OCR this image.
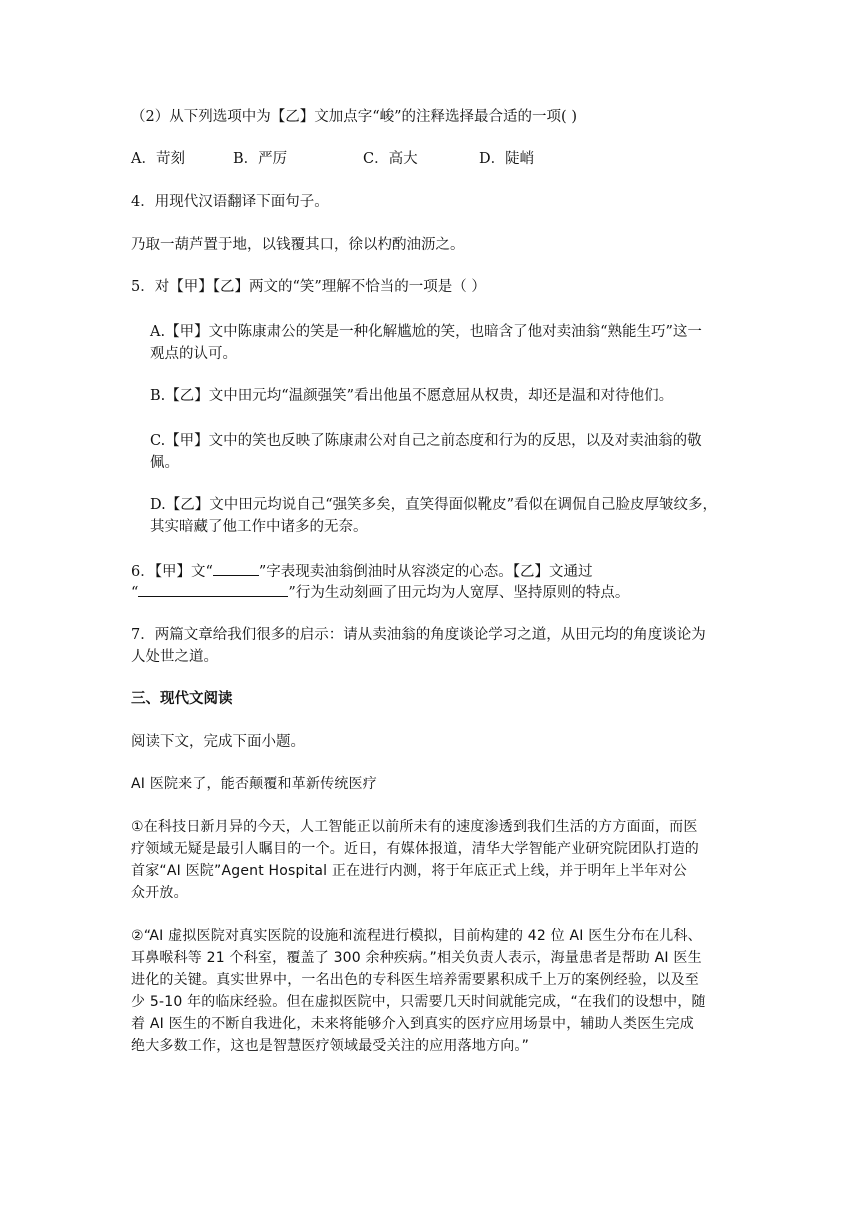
（2）从下列选项中为【乙】文加点字“峻”的注释选择最合适的一项( )
A．苛刻	B．严厉	C．高大	D．陡峭
4．用现代汉语翻译下面句子。
乃取一葫芦置于地，以钱覆其口，徐以杓酌油沥之。
5．对【甲】【乙】两文的“笑”理解不恰当的一项是（ ）
A.【甲】文中陈康肃公的笑是一种化解尴尬的笑，也暗含了他对卖油翁“熟能生巧”这一
观点的认可。
B.【乙】文中田元均“温颜强笑”看出他虽不愿意屈从权贵，却还是温和对待他们。
C.【甲】文中的笑也反映了陈康肃公对自己之前态度和行为的反思，以及对卖油翁的敬
佩。
D.【乙】文中田元均说自己“强笑多矣，直笑得面似靴皮”看似在调侃自己脸皮厚皱纹多，
其实暗藏了他工作中诸多的无奈。
6．【甲】文“	”字表现卖油翁倒油时从容淡定的心态。【乙】文通过
“	”行为生动刻画了田元均为人宽厚、坚持原则的特点。
7．两篇文章给我们很多的启示：请从卖油翁的角度谈论学习之道，从田元均的角度谈论为
人处世之道。
三、现代文阅读
阅读下文，完成下面小题。
AI 医院来了，能否颠覆和革新传统医疗
①在科技日新月异的今天，人工智能正以前所未有的速度渗透到我们生活的方方面面，而医
疗领域无疑是最引人瞩目的一个。近日，有媒体报道，清华大学智能产业研究院团队打造的
首家“AI 医院”Agent Hospital 正在进行内测，将于年底正式上线，并于明年上半年对公
众开放。
②“AI 虚拟医院对真实医院的设施和流程进行模拟，目前构建的 42 位 AI 医生分布在儿科、
耳鼻喉科等 21 个科室，覆盖了 300 余种疾病。”相关负责人表示，海量患者是帮助 AI 医生
进化的关键。真实世界中，一名出色的专科医生培养需要累积成千上万的案例经验，以及至
少 5-10 年的临床经验。但在虚拟医院中，只需要几天时间就能完成，“在我们的设想中，随
着 AI 医生的不断自我进化，未来将能够介入到真实的医疗应用场景中，辅助人类医生完成
绝大多数工作，这也是智慧医疗领域最受关注的应用落地方向。”
